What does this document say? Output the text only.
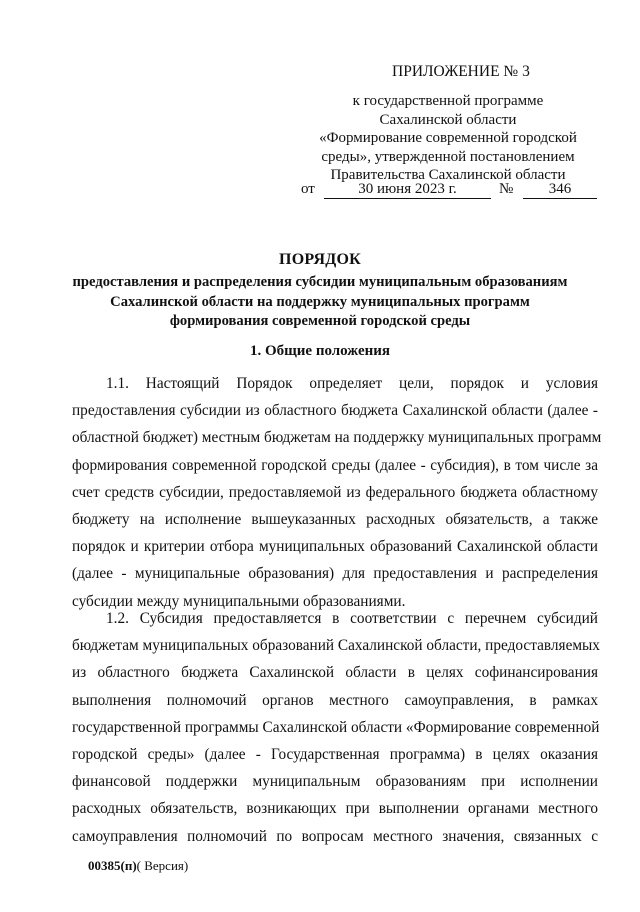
ПРИЛОЖЕНИЕ № 3
к государственной программе
Сахалинской области
«Формирование современной городской
среды», утвержденной постановлением
Правительства Сахалинской области
от	30 июня 2023 г.	№	346
ПОРЯДОК
предоставления и распределения субсидии муниципальным образованиям
Сахалинской области на поддержку муниципальных программ
формирования современной городской среды
1. Общие положения
1.1. Настоящий Порядок определяет цели, порядок и условия
предоставления субсидии из областного бюджета Сахалинской области (далее -
областной бюджет) местным бюджетам на поддержку муниципальных программ
формирования современной городской среды (далее - субсидия), в том числе за
счет средств субсидии, предоставляемой из федерального бюджета областному
бюджету на исполнение вышеуказанных расходных обязательств, а также
порядок и критерии отбора муниципальных образований Сахалинской области
(далее - муниципальные образования) для предоставления и распределения
субсидии между муниципальными образованиями.
1.2. Субсидия предоставляется в соответствии с перечнем субсидий
бюджетам муниципальных образований Сахалинской области, предоставляемых
из областного бюджета Сахалинской области в целях софинансирования
выполнения полномочий органов местного самоуправления, в рамках
государственной программы Сахалинской области «Формирование современной
городской среды» (далее - Государственная программа) в целях оказания
финансовой поддержки муниципальным образованиям при исполнении
расходных обязательств, возникающих при выполнении органами местного
самоуправления полномочий по вопросам местного значения, связанных с
00385(п)( Версия)
